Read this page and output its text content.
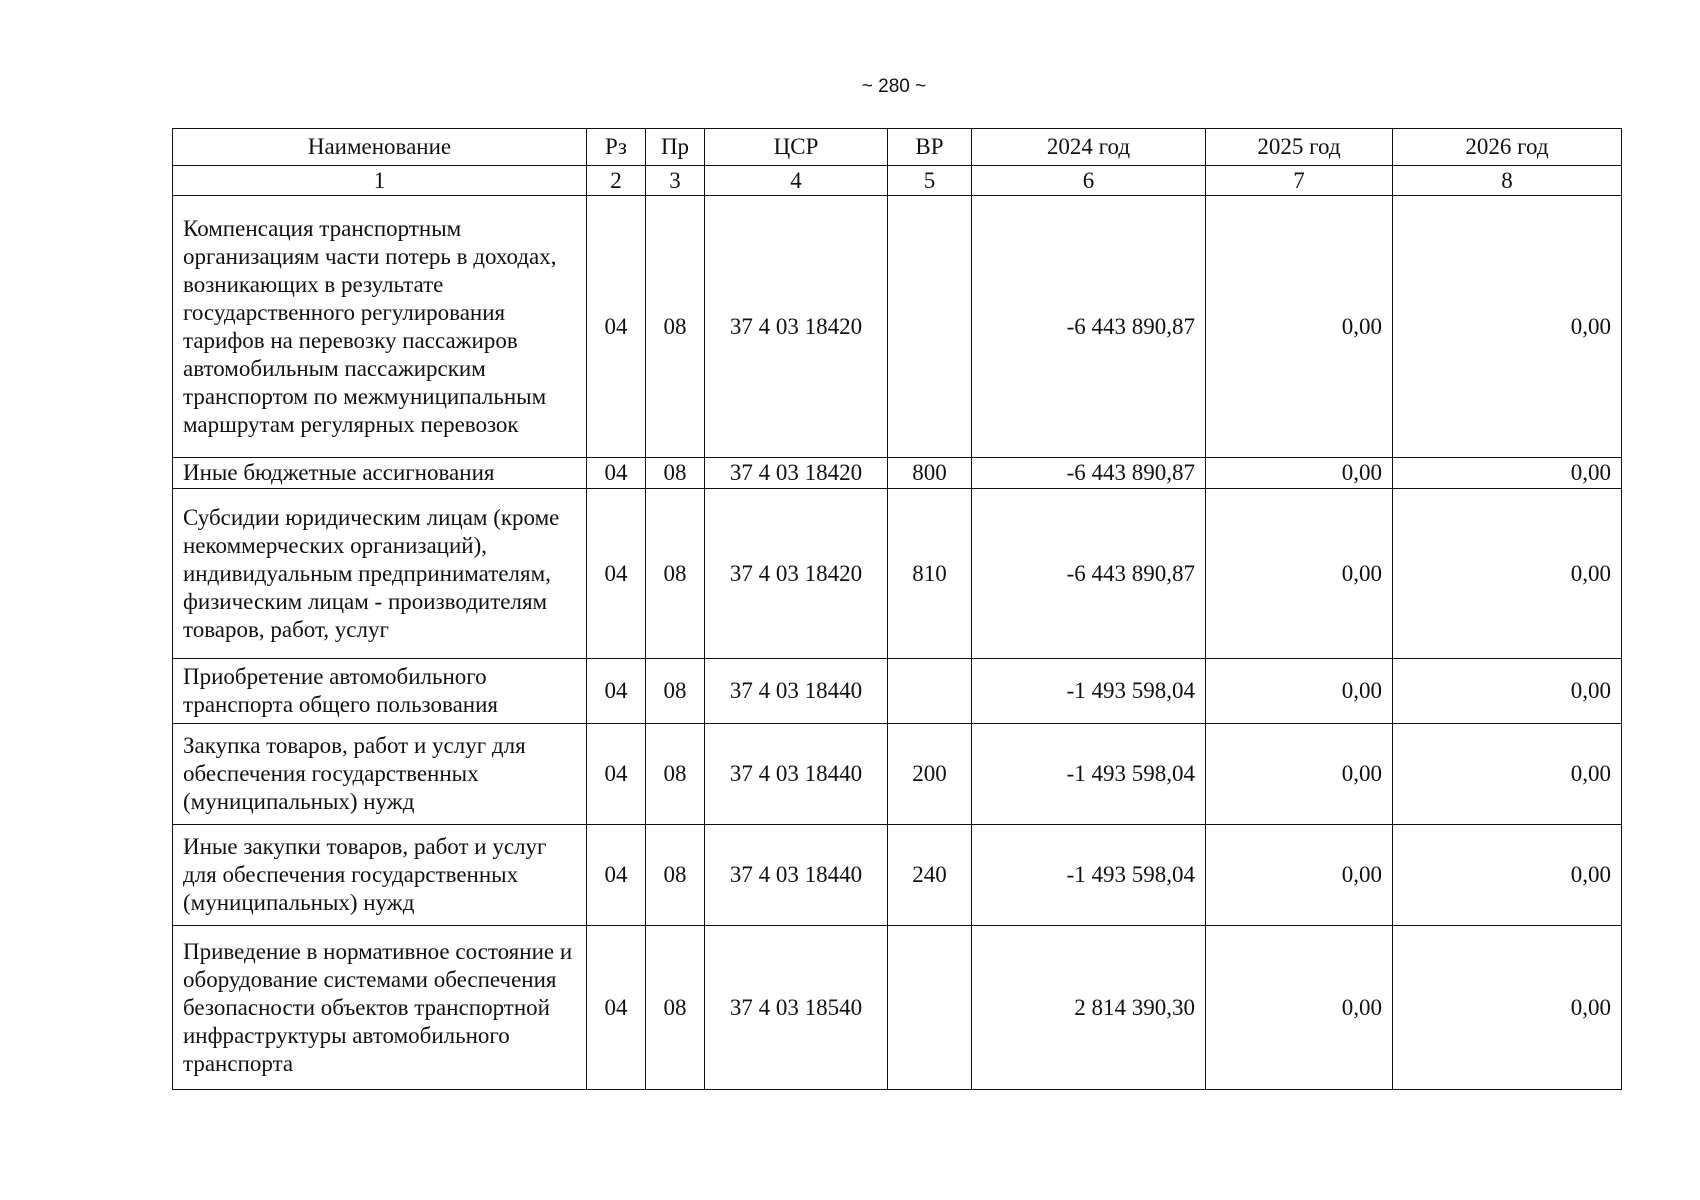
~ 280 ~
Наименование	Рз	Пр	ЦСР	ВР	2024 год	2025 год	2026 год
1	2	3	4	5	6	7	8
Компенсация транспортным организациям части потерь в доходах, возникающих в результате государственного регулирования тарифов на перевозку пассажиров автомобильным пассажирским транспортом по межмуниципальным маршрутам регулярных перевозок	04	08	37 4 03 18420		-6 443 890,87	0,00	0,00
Иные бюджетные ассигнования	04	08	37 4 03 18420	800	-6 443 890,87	0,00	0,00
Субсидии юридическим лицам (кроме некоммерческих организаций), индивидуальным предпринимателям, физическим лицам - производителям товаров, работ, услуг	04	08	37 4 03 18420	810	-6 443 890,87	0,00	0,00
Приобретение автомобильного транспорта общего пользования	04	08	37 4 03 18440		-1 493 598,04	0,00	0,00
Закупка товаров, работ и услуг для обеспечения государственных (муниципальных) нужд	04	08	37 4 03 18440	200	-1 493 598,04	0,00	0,00
Иные закупки товаров, работ и услуг для обеспечения государственных (муниципальных) нужд	04	08	37 4 03 18440	240	-1 493 598,04	0,00	0,00
Приведение в нормативное состояние и оборудование системами обеспечения безопасности объектов транспортной инфраструктуры автомобильного транспорта	04	08	37 4 03 18540		2 814 390,30	0,00	0,00
